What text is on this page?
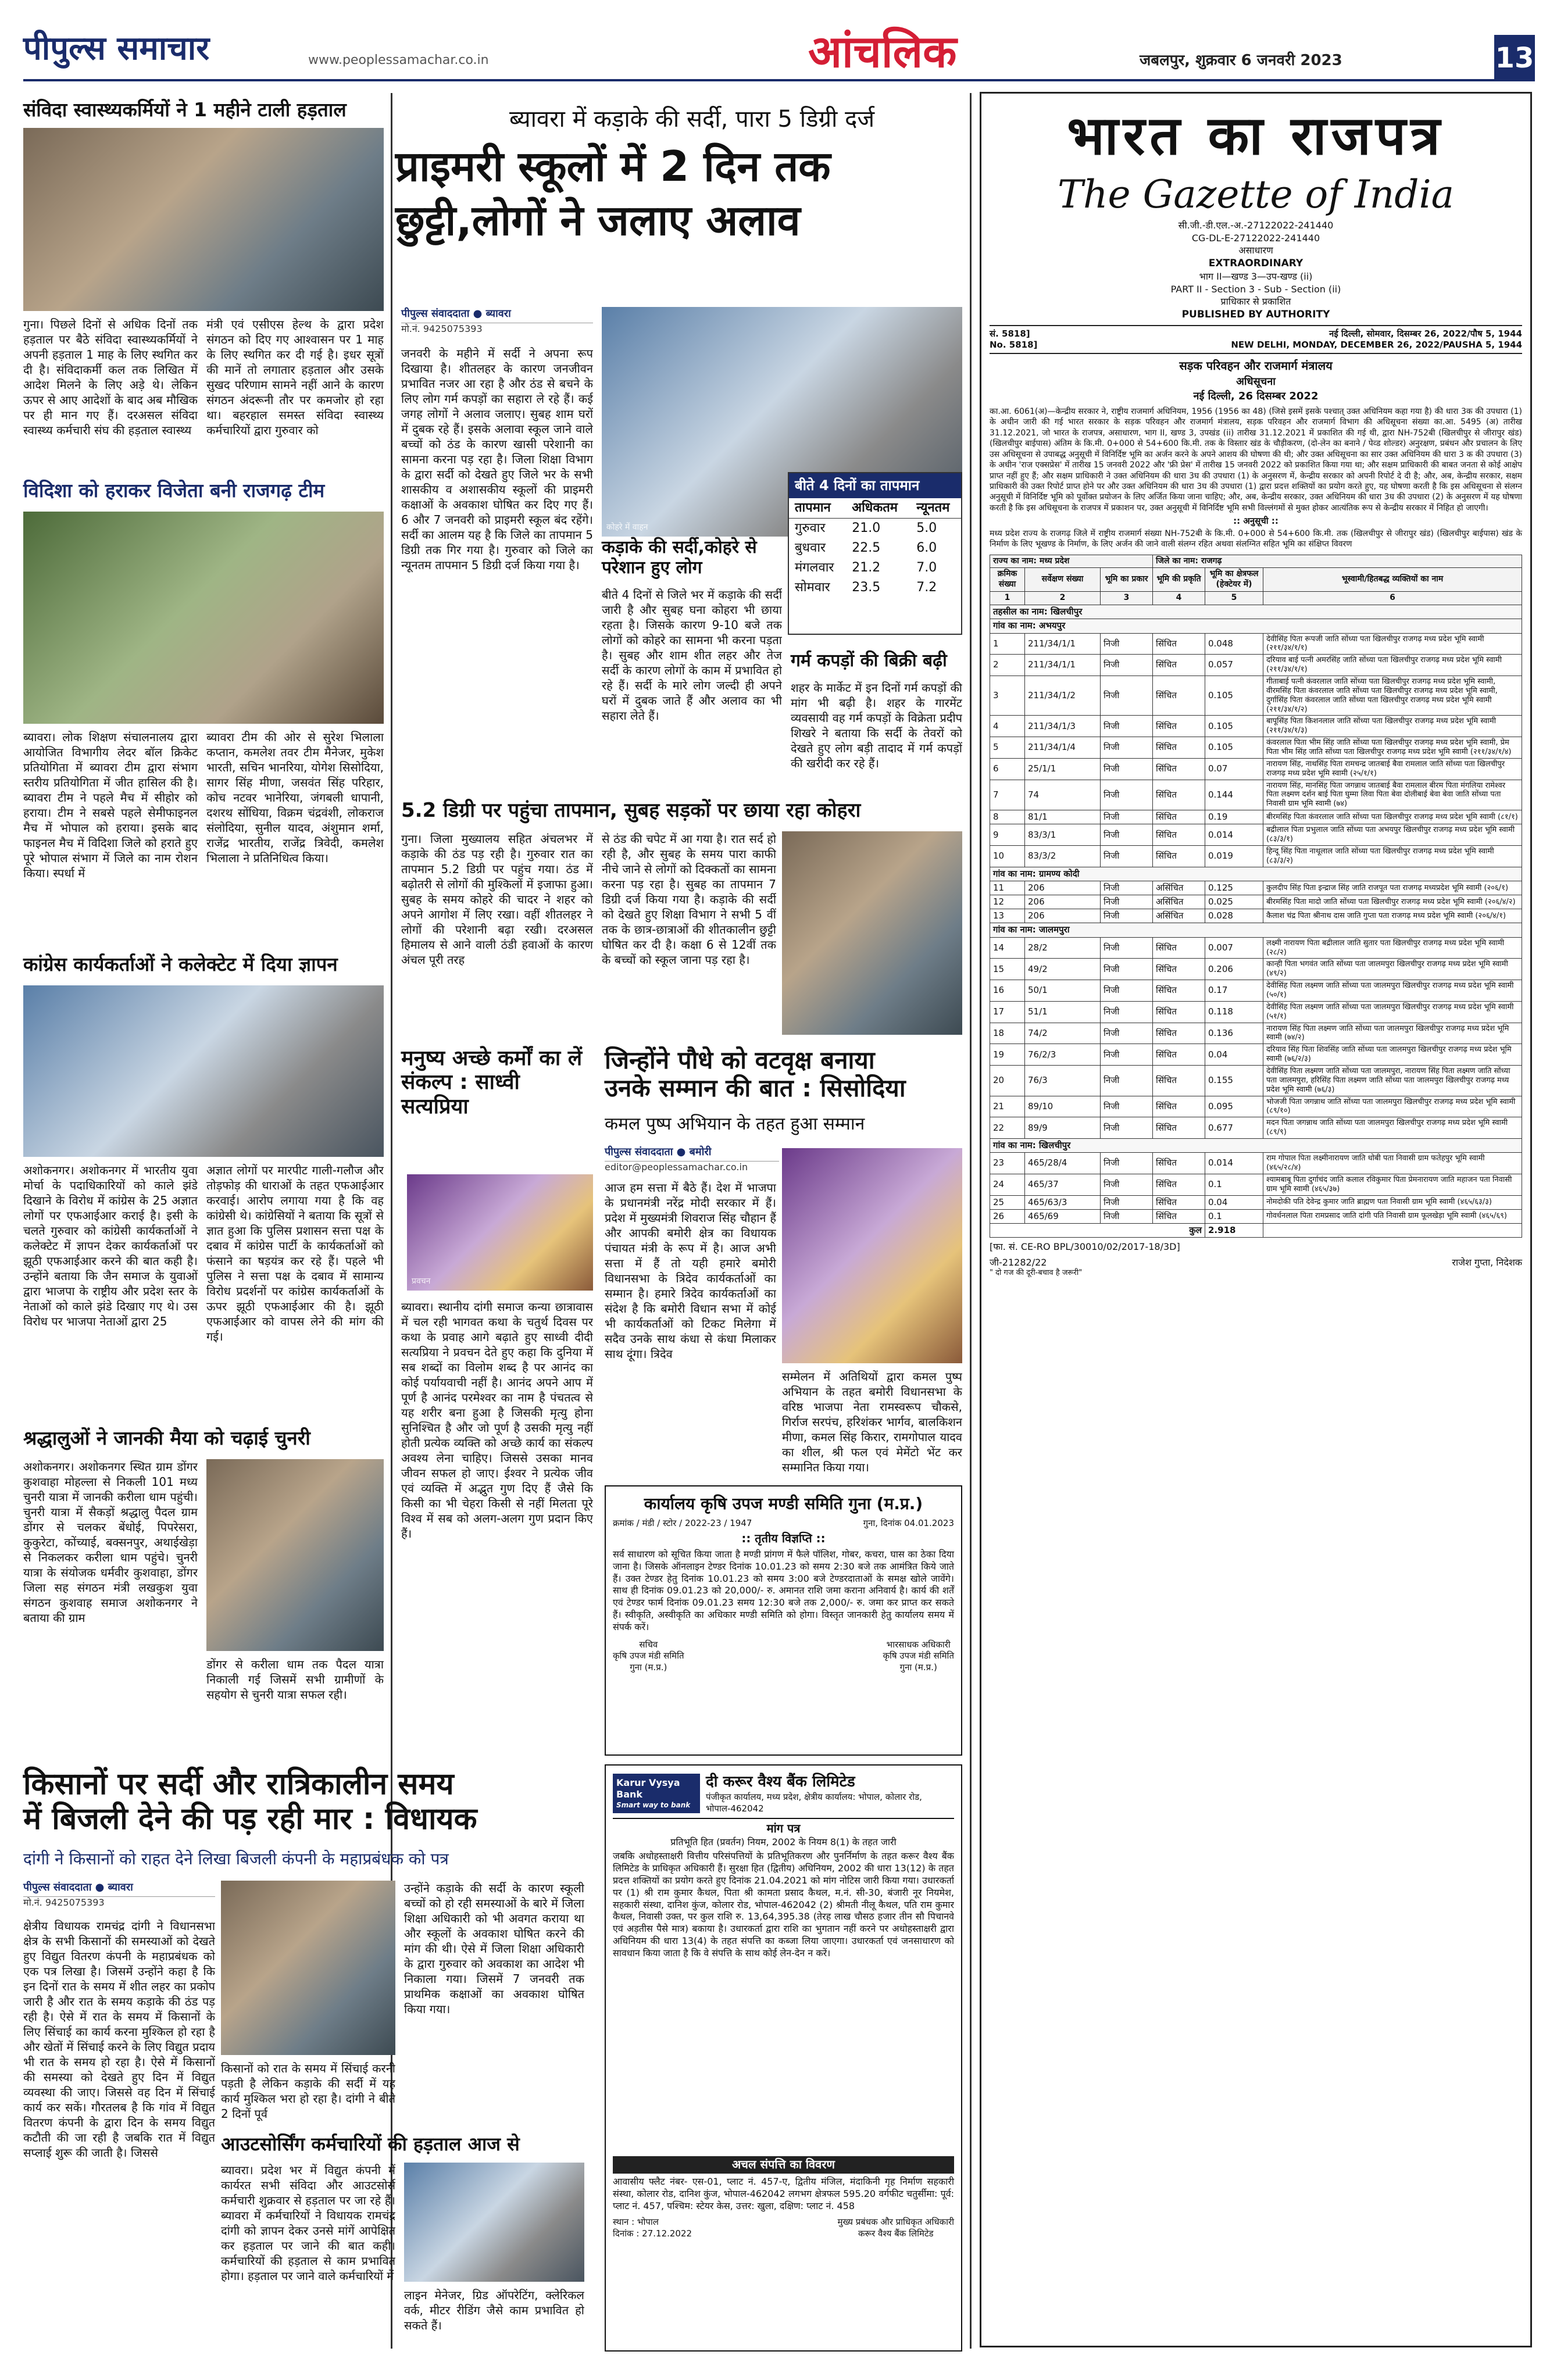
पीपुल्स समाचार	www.peoplessamachar.co.in	आंचलिक	जबलपुर, शुक्रवार 6 जनवरी 2023	13
संविदा स्वास्थ्यकर्मियों ने 1 महीने टाली हड़ताल
गुना। पिछले दिनों से अधिक दिनों तक हड़ताल पर बैठे संविदा स्वास्थ्यकर्मियों ने अपनी हड़ताल 1 माह के लिए स्थगित कर दी है। संविदाकर्मी कल तक लिखित में आदेश मिलने के लिए अड़े थे। लेकिन ऊपर से आए आदेशों के बाद अब मौखिक पर ही मान गए हैं। दरअसल संविदा स्वास्थ्य कर्मचारी संघ की हड़ताल स्वास्थ्य
मंत्री एवं एसीएस हेल्थ के द्वारा प्रदेश संगठन को दिए गए आश्वासन पर 1 माह के लिए स्थगित कर दी गई है। इधर सूत्रों की मानें तो लगातार हड़ताल और उसके सुखद परिणाम सामने नहीं आने के कारण संगठन अंदरूनी तौर पर कमजोर हो रहा था। बहरहाल समस्त संविदा स्वास्थ्य कर्मचारियों द्वारा गुरुवार को
विदिशा को हराकर विजेता बनी राजगढ़ टीम
ब्यावरा। लोक शिक्षण संचालनालय द्वारा आयोजित विभागीय लेदर बॉल क्रिकेट प्रतियोगिता में ब्यावरा टीम द्वारा संभाग स्तरीय प्रतियोगिता में जीत हासिल की है। ब्यावरा टीम ने पहले मैच में सीहोर को हराया। टीम ने सबसे पहले सेमीफाइनल मैच में भोपाल को हराया। इसके बाद फाइनल मैच में विदिशा जिले को हराते हुए पूरे भोपाल संभाग में जिले का नाम रोशन किया। स्पर्धा में
ब्यावरा टीम की ओर से सुरेश भिलाला कप्तान, कमलेश तवर टीम मैनेजर, मुकेश भारती, सचिन भानरिया, योगेश सिसोदिया, सागर सिंह मीणा, जसवंत सिंह परिहार, कोच नटवर भानेरिया, जंगबली धापानी, दशरथ सोंधिया, विक्रम चंद्रवंशी, लोकराज संलोदिया, सुनील यादव, अंशुमान शर्मा, राजेंद्र भारतीय, राजेंद्र त्रिवेदी, कमलेश भिलाला ने प्रतिनिधित्व किया।
कांग्रेस कार्यकर्ताओं ने कलेक्टेट में दिया ज्ञापन
अशोकनगर। अशोकनगर में भारतीय युवा मोर्चा के पदाधिकारियों को काले झंडे दिखाने के विरोध में कांग्रेस के 25 अज्ञात लोगों पर एफआईआर कराई है। इसी के चलते गुरुवार को कांग्रेसी कार्यकर्ताओं ने कलेक्टेट में ज्ञापन देकर कार्यकर्ताओं पर झूठी एफआईआर करने की बात कही है। उन्होंने बताया कि जैन समाज के युवाओं द्वारा भाजपा के राष्ट्रीय और प्रदेश स्तर के नेताओं को काले झंडे दिखाए गए थे। उस विरोध पर भाजपा नेताओं द्वारा 25
अज्ञात लोगों पर मारपीट गाली-गलौज और तोड़फोड़ की धाराओं के तहत एफआईआर करवाई। आरोप लगाया गया है कि वह कांग्रेसी थे। कांग्रेसियों ने बताया कि सूत्रों से ज्ञात हुआ कि पुलिस प्रशासन सत्ता पक्ष के दबाव में कांग्रेस पार्टी के कार्यकर्ताओं को फंसाने का षड़यंत्र कर रहे हैं। पहले भी पुलिस ने सत्ता पक्ष के दबाव में सामान्य विरोध प्रदर्शनों पर कांग्रेस कार्यकर्ताओं के ऊपर झूठी एफआईआर की है। झूठी एफआईआर को वापस लेने की मांग की गई।
श्रद्धालुओं ने जानकी मैया को चढ़ाई चुनरी
अशोकनगर। अशोकनगर स्थित ग्राम डोंगर कुशवाहा मोहल्ला से निकली 101 मध्य चुनरी यात्रा में जानकी करीला धाम पहुंची। चुनरी यात्रा में सैकड़ों श्रद्धालु पैदल ग्राम डोंगर से चलकर बेंधोई, पिपरेसरा, कुकुरेटा, कोंच्याई, बक्सनपुर, अथाईखेड़ा से निकलकर करीला धाम पहुंचे। चुनरी यात्रा के संयोजक धर्मवीर कुशवाहा, डोंगर जिला सह संगठन मंत्री लखकुश युवा संगठन कुशवाह समाज अशोकनगर ने बताया की ग्राम
डोंगर से करीला धाम तक पैदल यात्रा निकाली गई जिसमें सभी ग्रामीणों के सहयोग से चुनरी यात्रा सफल रही।
ब्यावरा में कड़ाके की सर्दी, पारा 5 डिग्री दर्ज
प्राइमरी स्कूलों में 2 दिन तक
छुट्टी,लोगों ने जलाए अलाव
पीपुल्स संवाददाता ● ब्यावरा
मो.नं. 9425075393
जनवरी के महीने में सर्दी ने अपना रूप दिखाया है। शीतलहर के कारण जनजीवन प्रभावित नजर आ रहा है और ठंड से बचने के लिए लोग गर्म कपड़ों का सहारा ले रहे हैं। कई जगह लोगों ने अलाव जलाए। सुबह शाम घरों में दुबक रहे हैं। इसके अलावा स्कूल जाने वाले बच्चों को ठंड के कारण खासी परेशानी का सामना करना पड़ रहा है। जिला शिक्षा विभाग के द्वारा सर्दी को देखते हुए जिले भर के सभी शासकीय व अशासकीय स्कूलों की प्राइमरी कक्षाओं के अवकाश घोषित कर दिए गए हैं। 6 और 7 जनवरी को प्राइमरी स्कूल बंद रहेंगे। सर्दी का आलम यह है कि जिले का तापमान 5 डिग्री तक गिर गया है। गुरुवार को जिले का न्यूनतम तापमान 5 डिग्री दर्ज किया गया है।
कोहरे में वाहन
बीते 4 दिनों का तापमान
तापमान	अधिकतम	न्यूनतम
गुरुवार	21.0	5.0
बुधवार	22.5	6.0
मंगलवार	21.2	7.0
सोमवार	23.5	7.2
कड़ाके की सर्दी,कोहरे से परेशान हुए लोग
बीते 4 दिनों से जिले भर में कड़ाके की सर्दी जारी है और सुबह घना कोहरा भी छाया रहता है। जिसके कारण 9-10 बजे तक लोगों को कोहरे का सामना भी करना पड़ता है। सुबह और शाम शीत लहर और तेज सर्दी के कारण लोगों के काम में प्रभावित हो रहे हैं। सर्दी के मारे लोग जल्दी ही अपने घरों में दुबक जाते हैं और अलाव का भी सहारा लेते हैं।
गर्म कपड़ों की बिक्री बढ़ी
शहर के मार्केट में इन दिनों गर्म कपड़ों की मांग भी बढ़ी है। शहर के गारमेंट व्यवसायी वह गर्म कपड़ों के विक्रेता प्रदीप शिखरे ने बताया कि सर्दी के तेवरों को देखते हुए लोग बड़ी तादाद में गर्म कपड़ों की खरीदी कर रहे हैं।
5.2 डिग्री पर पहुंचा तापमान, सुबह सड़कों पर छाया रहा कोहरा
गुना। जिला मुख्यालय सहित अंचलभर में कड़ाके की ठंड पड़ रही है। गुरुवार रात का तापमान 5.2 डिग्री पर पहुंच गया। ठंड में बढ़ोतरी से लोगों की मुश्किलों में इजाफा हुआ। सुबह के समय कोहरे की चादर ने शहर को अपने आगोश में लिए रखा। वहीं शीतलहर ने लोगों की परेशानी बढ़ा रखी। दरअसल हिमालय से आने वाली ठंडी हवाओं के कारण अंचल पूरी तरह
से ठंड की चपेट में आ गया है। रात सर्द हो रही है, और सुबह के समय पारा काफी नीचे जाने से लोगों को दिक्कतों का सामना करना पड़ रहा है। सुबह का तापमान 7 डिग्री दर्ज किया गया है। कड़ाके की सर्दी को देखते हुए शिक्षा विभाग ने सभी 5 वीं तक के छात्र-छात्राओं की शीतकालीन छुट्टी घोषित कर दी है। कक्षा 6 से 12वीं तक के बच्चों को स्कूल जाना पड़ रहा है।
मनुष्य अच्छे कर्मों का लें संकल्प : साध्वी सत्यप्रिया
प्रवचन
ब्यावरा। स्थानीय दांगी समाज कन्या छात्रावास में चल रही भागवत कथा के चतुर्थ दिवस पर कथा के प्रवाह आगे बढ़ाते हुए साध्वी दीदी सत्यप्रिया ने प्रवचन देते हुए कहा कि दुनिया में सब शब्दों का विलोम शब्द है पर आनंद का कोई पर्यायवाची नहीं है। आनंद अपने आप में पूर्ण है आनंद परमेश्वर का नाम है पंचतत्व से यह शरीर बना हुआ है जिसकी मृत्यु होना सुनिश्चित है और जो पूर्ण है उसकी मृत्यु नहीं होती प्रत्येक व्यक्ति को अच्छे कार्य का संकल्प अवश्य लेना चाहिए। जिससे उसका मानव जीवन सफल हो जाए। ईश्वर ने प्रत्येक जीव एवं व्यक्ति में अद्भुत गुण दिए हैं जैसे कि किसी का भी चेहरा किसी से नहीं मिलता पूरे विश्व में सब को अलग-अलग गुण प्रदान किए हैं।
जिन्होंने पौधे को वटवृक्ष बनाया
उनके सम्मान की बात : सिसोदिया
कमल पुष्प अभियान के तहत हुआ सम्मान
पीपुल्स संवाददाता ● बमोरी
editor@peoplessamachar.co.in
आज हम सत्ता में बैठे हैं। देश में भाजपा के प्रधानमंत्री नरेंद्र मोदी सरकार में हैं। प्रदेश में मुख्यमंत्री शिवराज सिंह चौहान हैं और आपकी बमोरी क्षेत्र का विधायक पंचायत मंत्री के रूप में है। आज अभी सत्ता में हैं तो यही हमारे बमोरी विधानसभा के त्रिदेव कार्यकर्ताओं का सम्मान है। हमारे त्रिदेव कार्यकर्ताओं का संदेश है कि बमोरी विधान सभा में कोई भी कार्यकर्ताओं को टिकट मिलेगा में सदैव उनके साथ कंधा से कंधा मिलाकर साथ दूंगा। त्रिदेव
सम्मेलन में अतिथियों द्वारा कमल पुष्प अभियान के तहत बमोरी विधानसभा के वरिष्ठ भाजपा नेता रामस्वरूप चौकसे, गिर्राज सरपंच, हरिशंकर भार्गव, बालकिशन मीणा, कमल सिंह किरार, रामगोपाल यादव का शील, श्री फल एवं मेमेंटो भेंट कर सम्मानित किया गया।
कार्यालय कृषि उपज मण्डी समिति गुना (म.प्र.)
क्रमांक / मंडी / स्टोर / 2022-23 / 1947	गुना, दिनांक 04.01.2023
:: तृतीय विज्ञप्ति ::
सर्व साधारण को सूचित किया जाता है मण्डी प्रांगण में फैले पॉलिश, गोबर, कचरा, घास का ठेका दिया जाना है। जिसके ऑनलाइन टेण्डर दिनांक 10.01.23 को समय 2:30 बजे तक आमंत्रित किये जाते हैं। उक्त टेण्डर हेतु दिनांक 10.01.23 को समय 3:00 बजे टेण्डरदाताओं के समक्ष खोले जावेंगे। साथ ही दिनांक 09.01.23 को 20,000/- रु. अमानत राशि जमा कराना अनिवार्य है। कार्य की शर्तें एवं टेण्डर फार्म दिनांक 09.01.23 समय 12:30 बजे तक 2,000/- रु. जमा कर प्राप्त कर सकते हैं। स्वीकृति, अस्वीकृति का अधिकार मण्डी समिति को होगा। विस्तृत जानकारी हेतु कार्यालय समय में संपर्क करें।
सचिव
कृषि उपज मंडी समिति
गुना (म.प्र.)
भारसाधक अधिकारी
कृषि उपज मंडी समिति
गुना (म.प्र.)
किसानों पर सर्दी और रात्रिकालीन समय
में बिजली देने की पड़ रही मार : विधायक
दांगी ने किसानों को राहत देने लिखा बिजली कंपनी के महाप्रबंधक को पत्र
पीपुल्स संवाददाता ● ब्यावरा
मो.नं. 9425075393
क्षेत्रीय विधायक रामचंद्र दांगी ने विधानसभा क्षेत्र के सभी किसानों की समस्याओं को देखते हुए विद्युत वितरण कंपनी के महाप्रबंधक को एक पत्र लिखा है। जिसमें उन्होंने कहा है कि इन दिनों रात के समय में शीत लहर का प्रकोप जारी है और रात के समय कड़ाके की ठंड पड़ रही है। ऐसे में रात के समय में किसानों के लिए सिंचाई का कार्य करना मुश्किल हो रहा है और खेतों में सिंचाई करने के लिए विद्युत प्रदाय भी रात के समय हो रहा है। ऐसे में किसानों की समस्या को देखते हुए दिन में विद्युत व्यवस्था की जाए। जिससे वह दिन में सिंचाई कार्य कर सकें। गौरतलब है कि गांव में विद्युत वितरण कंपनी के द्वारा दिन के समय विद्युत कटौती की जा रही है जबकि रात में विद्युत सप्लाई शुरू की जाती है। जिससे
किसानों को रात के समय में सिंचाई करनी पड़ती है लेकिन कड़ाके की सर्दी में यह कार्य मुश्किल भरा हो रहा है। दांगी ने बीते 2 दिनों पूर्व
उन्होंने कड़ाके की सर्दी के कारण स्कूली बच्चों को हो रही समस्याओं के बारे में जिला शिक्षा अधिकारी को भी अवगत कराया था और स्कूलों के अवकाश घोषित करने की मांग की थी। ऐसे में जिला शिक्षा अधिकारी के द्वारा गुरुवार को अवकाश का आदेश भी निकाला गया। जिसमें 7 जनवरी तक प्राथमिक कक्षाओं का अवकाश घोषित किया गया।
आउटसोर्सिंग कर्मचारियों की हड़ताल आज से
ब्यावरा। प्रदेश भर में विद्युत कंपनी में कार्यरत सभी संविदा और आउटसोर्स कर्मचारी शुक्रवार से हड़ताल पर जा रहे हैं। ब्यावरा में कर्मचारियों ने विधायक रामचंद्र दांगी को ज्ञापन देकर उनसे मांगें आपेक्षित कर हड़ताल पर जाने की बात कही। कर्मचारियों की हड़ताल से काम प्रभावित होगा। हड़ताल पर जाने वाले कर्मचारियों में
लाइन मेनेजर, ग्रिड ऑपरेटिंग, क्लेरिकल वर्क, मीटर रीडिंग जैसे काम प्रभावित हो सकते हैं।
Karur Vysya Bank
Smart way to bank
दी करूर वैश्य बैंक लिमिटेड
पंजीकृत कार्यालय, मध्य प्रदेश, क्षेत्रीय कार्यालय: भोपाल, कोलार रोड, भोपाल-462042
मांग पत्र
प्रतिभूति हित (प्रवर्तन) नियम, 2002 के नियम 8(1) के तहत जारी
जबकि अधोहस्ताक्षरी वित्तीय परिसंपत्तियों के प्रतिभूतिकरण और पुनर्निर्माण के तहत करूर वैश्य बैंक लिमिटेड के प्राधिकृत अधिकारी हैं। सुरक्षा हित (द्वितीय) अधिनियम, 2002 की धारा 13(12) के तहत प्रदत्त शक्तियों का प्रयोग करते हुए दिनांक 21.04.2021 को मांग नोटिस जारी किया गया। उधारकर्ता पर (1) श्री राम कुमार कैथल, पिता श्री कामता प्रसाद कैथल, म.नं. सी-30, बंजारी नूर नियमेश, सहकारी संस्था, दानिश कुंज, कोलार रोड, भोपाल-462042 (2) श्रीमती नीलू कैथल, पति राम कुमार कैथल, निवासी उक्त, पर कुल राशि रु. 13,64,395.38 (तेरह लाख चौसठ हजार तीन सौ पिचानवे एवं अड़तीस पैसे मात्र) बकाया है। उधारकर्ता द्वारा राशि का भुगतान नहीं करने पर अधोहस्ताक्षरी द्वारा अधिनियम की धारा 13(4) के तहत संपत्ति का कब्जा लिया जाएगा। उधारकर्ता एवं जनसाधारण को सावधान किया जाता है कि वे संपत्ति के साथ कोई लेन-देन न करें।
अचल संपत्ति का विवरण
आवासीय फ्लैट नंबर- एस-01, प्लाट नं. 457-ए, द्वितीय मंजिल, मंदाकिनी गृह निर्माण सहकारी संस्था, कोलार रोड, दानिश कुंज, भोपाल-462042 लगभग क्षेत्रफल 595.20 वर्गफीट चतुर्सीमा: पूर्व: प्लाट नं. 457, पश्चिम: स्टेयर केस, उत्तर: खुला, दक्षिण: प्लाट नं. 458
स्थान : भोपाल
दिनांक : 27.12.2022
मुख्य प्रबंधक और प्राधिकृत अधिकारी
करूर वैश्य बैंक लिमिटेड
भारत का राजपत्र
The Gazette of India
सी.जी.-डी.एल.-अ.-27122022-241440
CG-DL-E-27122022-241440
असाधारण
EXTRAORDINARY
भाग II—खण्ड 3—उप-खण्ड (ii)
PART II - Section 3 - Sub - Section (ii)
प्राधिकार से प्रकाशित
PUBLISHED BY AUTHORITY
सं. 5818]
No. 5818]
नई दिल्ली, सोमवार, दिसम्बर 26, 2022/पौष 5, 1944
NEW DELHI, MONDAY, DECEMBER 26, 2022/PAUSHA 5, 1944
सड़क परिवहन और राजमार्ग मंत्रालय
अधिसूचना
नई दिल्ली, 26 दिसम्बर 2022
का.आ. 6061(अ)—केन्द्रीय सरकार ने, राष्ट्रीय राजमार्ग अधिनियम, 1956 (1956 का 48) (जिसे इसमें इसके पश्चात् उक्त अधिनियम कहा गया है) की धारा 3क की उपधारा (1) के अधीन जारी की गई भारत सरकार के सड़क परिवहन और राजमार्ग मंत्रालय, सड़क परिवहन और राजमार्ग विभाग की अधिसूचना संख्या का.आ. 5495 (अ) तारीख 31.12.2021, जो भारत के राजपत्र, असाधारण, भाग II, खण्ड 3, उपखंड (ii) तारीख 31.12.2021 में प्रकाशित की गई थी, द्वारा NH-752बी (खिलचीपुर से जीरापुर खंड) (खिलचीपुर बाईपास) अंतिम के कि.मी. 0+000 से 54+600 कि.मी. तक के विस्तार खंड के चौड़ीकरण, (दो-लेन का बनाने / पेव्ड शोल्डर) अनुरक्षण, प्रबंधन और प्रचालन के लिए उस अधिसूचना से उपाबद्ध अनुसूची में विनिर्दिष्ट भूमि का अर्जन करने के अपने आशय की घोषणा की थी; और उक्त अधिसूचना का सार उक्त अधिनियम की धारा 3 क की उपधारा (3) के अधीन 'राज एक्सप्रेस' में तारीख 15 जनवरी 2022 और 'फ्री प्रेस' में तारीख 15 जनवरी 2022 को प्रकाशित किया गया था; और सक्षम प्राधिकारी की बाबत जनता से कोई आक्षेप प्राप्त नहीं हुए हैं; और सक्षम प्राधिकारी ने उक्त अधिनियम की धारा 3घ की उपधारा (1) के अनुसरण में, केन्द्रीय सरकार को अपनी रिपोर्ट दे दी है; और, अब, केन्द्रीय सरकार, सक्षम प्राधिकारी की उक्त रिपोर्ट प्राप्त होने पर और उक्त अधिनियम की धारा 3घ की उपधारा (1) द्वारा प्रदत्त शक्तियों का प्रयोग करते हुए, यह घोषणा करती है कि इस अधिसूचना से संलग्न अनुसूची में विनिर्दिष्ट भूमि को पूर्वोक्त प्रयोजन के लिए अर्जित किया जाना चाहिए; और, अब, केन्द्रीय सरकार, उक्त अधिनियम की धारा 3घ की उपधारा (2) के अनुसरण में यह घोषणा करती है कि इस अधिसूचना के राजपत्र में प्रकाशन पर, उक्त अनुसूची में विनिर्दिष्ट भूमि सभी विल्लंगमों से मुक्त होकर आत्यंतिक रूप से केन्द्रीय सरकार में निहित हो जाएगी।
:: अनुसूची ::
मध्य प्रदेश राज्य के राजगढ़ जिले में राष्ट्रीय राजमार्ग संख्या NH-752बी के कि.मी. 0+000 से 54+600 कि.मी. तक (खिलचीपुर से जीरापुर खंड) (खिलचीपुर बाईपास) खंड के निर्माण के लिए भूखण्ड के निर्माण, के लिए अर्जन की जाने वाली संलग्न रहित अथवा संलग्नित सहित भूमि का संक्षिप्त विवरण
राज्य का नाम: मध्य प्रदेश			जिले का नाम: राजगढ़		
क्रमिक संख्या	सर्वेक्षण संख्या	भूमि का प्रकार	भूमि की प्रकृति	भूमि का क्षेत्रफल (हेक्टेयर में)	भूस्वामी/हितबद्ध व्यक्तियों का नाम
1	2	3	4	5	6
तहसील का नाम: खिलचीपुर					
गांव का नाम: अभयपुर					
1	211/34/1/1	निजी	सिंचित	0.048	देवीसिंह पिता रूपजी जाति सोंध्या पता खिलचीपुर राजगढ़ मध्य प्रदेश भूमि स्वामी (२११/३४/१/१)
2	211/34/1/1	निजी	सिंचित	0.057	दरियाव बाई पत्नी अमरसिंह जाति सोंध्या पता खिलचीपुर राजगढ़ मध्य प्रदेश भूमि स्वामी (२११/३४/१/१)
3	211/34/1/2	निजी	सिंचित	0.105	गीताबाई पत्नी कंवरलाल जाति सोंध्या पता खिलचीपुर राजगढ़ मध्य प्रदेश भूमि स्वामी, वीरमसिंह पिता कंवरलाल जाति सोंध्या पता खिलचीपुर राजगढ़ मध्य प्रदेश भूमि स्वामी, दुर्गासिंह पिता कंवरलाल जाति सोंध्या पता खिलचीपुर राजगढ़ मध्य प्रदेश भूमि स्वामी (२११/३४/१/२)
4	211/34/1/3	निजी	सिंचित	0.105	बापूसिंह पिता किशनलाल जाति सोंध्या पता खिलचीपुर राजगढ़ मध्य प्रदेश भूमि स्वामी (२११/३४/१/३)
5	211/34/1/4	निजी	सिंचित	0.105	कंवरलाल पिता भीम सिंह जाति सोंध्या पता खिलचीपुर राजगढ़ मध्य प्रदेश भूमि स्वामी, प्रेम पिता भीम सिंह जाति सोंध्या पता खिलचीपुर राजगढ़ मध्य प्रदेश भूमि स्वामी (२११/३४/१/४)
6	25/1/1	निजी	सिंचित	0.07	नारायण सिंह, नाथसिंह पिता रामचन्द्र जातबाई बैवा रामलाल जाति सोंध्या पता खिलचीपुर राजगढ़ मध्य प्रदेश भूमि स्वामी (२५/१/१)
7	74	निजी	सिंचित	0.144	नारायण सिंह, मानसिंह पिता जगन्नाथ जातबाई बैवा रामलाल बीरम पिता मंगलिया रामेश्वर पिता लक्ष्मण दर्शन बाई पिता घुम्मा लिवा पिता बेवा दोलीबाई बेवा बेवा जाति सोंध्या पता निवासी ग्राम भूमि स्वामी (७४)
8	81/1	निजी	सिंचित	0.19	बीरमसिंह पिता कंवरलाल जाति सोंध्या पता खिलचीपुर राजगढ़ मध्य प्रदेश भूमि स्वामी (८१/१)
9	83/3/1	निजी	सिंचित	0.014	बद्रीलाल पिता प्रभुलाल जाति सोंध्या पता अभयपुर खिलचीपुर राजगढ़ मध्य प्रदेश भूमि स्वामी (८३/३/१)
10	83/3/2	निजी	सिंचित	0.019	हिन्दू सिंह पिता नाथूलाल जाति सोंध्या पता खिलचीपुर राजगढ़ मध्य प्रदेश भूमि स्वामी (८३/३/२)
गांव का नाम: ग्रामण्य कोदी					
11	206	निजी	असिंचित	0.125	कुलदीप सिंह पिता इन्द्राज सिंह जाति राजपूत पता राजगढ़ मध्यप्रदेश भूमि स्वामी (२०६/१)
12	206	निजी	असिंचित	0.025	बीरमसिंह पिता मादो जाति सोंध्या पता खिलचीपुर राजगढ़ मध्य प्रदेश भूमि स्वामी (२०६/४/२)
13	206	निजी	असिंचित	0.028	कैलाश चंद्र पिता श्रीनाथ दास जाति गुप्ता पता राजगढ़ मध्य प्रदेश भूमि स्वामी (२०६/४/१)
गांव का नाम: जालमपुरा					
14	28/2	निजी	सिंचित	0.007	लक्ष्मी नारायण पिता बद्रीलाल जाति सुतार पता खिलचीपुर राजगढ़ मध्य प्रदेश भूमि स्वामी (२८/२)
15	49/2	निजी	सिंचित	0.206	कान्ही पिता भगवंत जाति सोंध्या पता जालमपुरा खिलचीपुर राजगढ़ मध्य प्रदेश भूमि स्वामी (४९/२)
16	50/1	निजी	सिंचित	0.17	देवीसिंह पिता लक्ष्मण जाति सोंध्या पता जालमपुरा खिलचीपुर राजगढ़ मध्य प्रदेश भूमि स्वामी (५०/१)
17	51/1	निजी	सिंचित	0.118	देवीसिंह पिता लक्ष्मण जाति सोंध्या पता जालमपुरा खिलचीपुर राजगढ़ मध्य प्रदेश भूमि स्वामी (५१/१)
18	74/2	निजी	सिंचित	0.136	नारायण सिंह पिता लक्ष्मण जाति सोंध्या पता जालमपुरा खिलचीपुर राजगढ़ मध्य प्रदेश भूमि स्वामी (७४/२)
19	76/2/3	निजी	सिंचित	0.04	दरियाव सिंह पिता शिवसिंह जाति सोंध्या पता जालमपुरा खिलचीपुर राजगढ़ मध्य प्रदेश भूमि स्वामी (७६/२/३)
20	76/3	निजी	सिंचित	0.155	देवीसिंह पिता लक्ष्मण जाति सोंध्या पता जालमपुरा, नारायण सिंह पिता लक्ष्मण जाति सोंध्या पता जालमपुरा, हरिसिंह पिता लक्ष्मण जाति सोंध्या पता जालमपुरा खिलचीपुर राजगढ़ मध्य प्रदेश भूमि स्वामी (७६/३)
21	89/10	निजी	सिंचित	0.095	भोजजी पिता जगन्नाथ जाति सोंध्या पता जालमपुरा खिलचीपुर राजगढ़ मध्य प्रदेश भूमि स्वामी (८९/१०)
22	89/9	निजी	सिंचित	0.677	मदन पिता जगन्नाथ जाति सोंध्या पता जालमपुरा खिलचीपुर राजगढ़ मध्य प्रदेश भूमि स्वामी (८९/९)
गांव का नाम: खिलचीपुर					
23	465/28/4	निजी	सिंचित	0.014	राम गोपाल पिता लक्ष्मीनारायण जाति धोबी पता निवासी ग्राम फतेहपुर भूमि स्वामी (४६५/२८/४)
24	465/37	निजी	सिंचित	0.1	श्यामबाबू पिता दुर्गाचंद जाति कलाल रविकुमार पिता प्रेमनारायण जाति महाजन पता निवासी ग्राम भूमि स्वामी (४६५/३७)
25	465/63/3	निजी	सिंचित	0.04	नोमदोकी पति देवेन्द्र कुमार जाति ब्राह्मण पता निवासी ग्राम भूमि स्वामी (४६५/६३/३)
26	465/69	निजी	सिंचित	0.1	गोवर्धनलाल पिता रामप्रसाद जाति दांगी पति निवासी ग्राम फूलखेड़ा भूमि स्वामी (४६५/६९)
कुल				2.918	
[फा. सं. CE-RO BPL/30010/02/2017-18/3D]
जी-21282/22	राजेश गुप्ता, निदेशक
" दो गज की दूरी-बचाव है जरूरी"
